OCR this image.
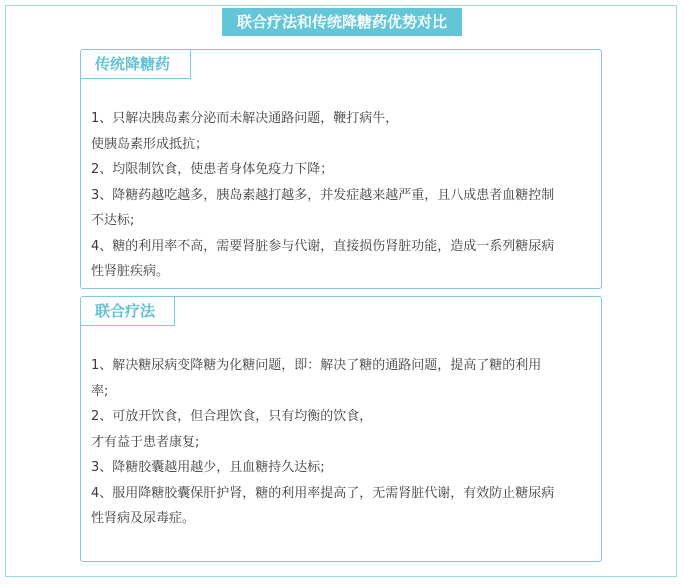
联合疗法和传统降糖药优势对比
传统降糖药
1、只解决胰岛素分泌而未解决通路问题，鞭打病牛，
使胰岛素形成抵抗；
2、均限制饮食，使患者身体免疫力下降；
3、降糖药越吃越多，胰岛素越打越多，并发症越来越严重，且八成患者血糖控制
不达标;
4、糖的利用率不高，需要肾脏参与代谢，直接损伤肾脏功能，造成一系列糖尿病
性肾脏疾病。
联合疗法
1、解决糖尿病变降糖为化糖问题，即：解决了糖的通路问题，提高了糖的利用
率;
2、可放开饮食，但合理饮食，只有均衡的饮食，
才有益于患者康复;
3、降糖胶囊越用越少，且血糖持久达标;
4、服用降糖胶囊保肝护肾，糖的利用率提高了，无需肾脏代谢，有效防止糖尿病
性肾病及尿毒症。
